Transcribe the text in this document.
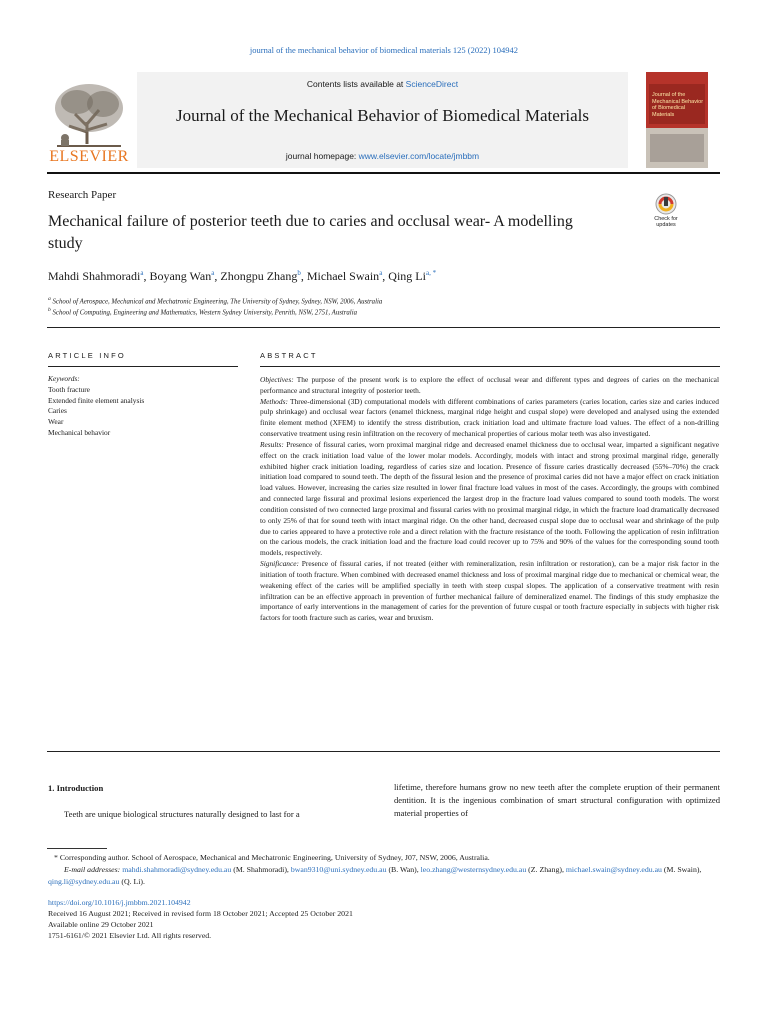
journal of the mechanical behavior of biomedical materials 125 (2022) 104942
ELSEVIER
Contents lists available at ScienceDirect
Journal of the Mechanical Behavior of Biomedical Materials
journal homepage: www.elsevier.com/locate/jmbbm
Journal of the Mechanical Behavior of Biomedical Materials
Research Paper
Mechanical failure of posterior teeth due to caries and occlusal wear- A modelling study
Check for updates
Mahdi Shahmoradi$^a$, Boyang Wan$^a$, Zhongpu Zhang$^b$, Michael Swain$^a$, Qing $Li^{a, *}$
$^a$ School of Aerospace, Mechanical and Mechatronic Engineering, The University of Sydney, Sydney, NSW, 2006, Australia
$^b$ School of Computing, Engineering and Mathematics, Western Sydney University, Penrith, NSW, 2751, Australia
ARTICLE INFO	ABSTRACT
Keywords:
Tooth fracture
Extended finite element analysis
Caries
Wear
Mechanical behavior

Objectives: The purpose of the present work is to explore the effect of occlusal wear and different types and degrees of caries on the mechanical performance and structural integrity of posterior teeth.

Methods: Three-dimensional (3D) computational models with different combinations of caries parameters (caries location, caries size and caries induced pulp shrinkage) and occlusal wear factors (enamel thickness, marginal ridge height and cuspal slope) were developed and analysed using the extended finite element method (XFEM) to identify the stress distribution, crack initiation load and ultimate fracture load values. The effect of a non-drilling conservative treatment using resin infiltration on the recovery of mechanical properties of carious molar teeth was also investigated.

Results: Presence of fissural caries, worn proximal marginal ridge and decreased enamel thickness due to occlusal wear, imparted a significant negative effect on the crack initiation load value of the lower molar models. Accordingly, models with intact and strong proximal marginal ridge, generally exhibited higher crack initiation loading, regardless of caries size and location. Presence of fissure caries drastically decreased (55%–70%) the crack initiation load compared to sound teeth. The depth of the fissural lesion and the presence of proximal caries did not have a major effect on crack initiation load values. However, increasing the caries size resulted in lower final fracture load values in most of the cases. Accordingly, the groups with combined and connected large fissural and proximal lesions experienced the largest drop in the fracture load values compared to sound tooth models. The worst condition consisted of two connected large proximal and fissural caries with no proximal marginal ridge, in which the fracture load dramatically decreased to only 25% of that for sound teeth with intact marginal ridge. On the other hand, decreased cuspal slope due to occlusal wear and shrinkage of the pulp due to caries appeared to have a protective role and a direct relation with the fracture resistance of the tooth. Following the application of resin infiltration on the carious models, the crack initiation load and the fracture load could recover up to 75% and 90% of the values for the corresponding sound tooth models, respectively.

Significance: Presence of fissural caries, if not treated (either with remineralization, resin infiltration or restoration), can be a major risk factor in the initiation of tooth fracture. When combined with decreased enamel thickness and loss of proximal marginal ridge due to mechanical or chemical wear, the weakening effect of the caries will be amplified specially in teeth with steep cuspal slopes. The application of a conservative treatment with resin infiltration can be an effective approach in prevention of further mechanical failure of demineralized enamel. The findings of this study emphasize the importance of early interventions in the management of caries for the prevention of future cuspal or tooth fracture especially in subjects with higher risk factors for tooth fracture such as caries, wear and bruxism.

1. Introduction
Teeth are unique biological structures naturally designed to last for a
lifetime, therefore humans grow no new teeth after the complete eruption of their permanent dentition. It is the ingenious combination of smart structural configuration with optimized material properties of
* Corresponding author. School of Aerospace, Mechanical and Mechatronic Engineering, University of Sydney, J07, NSW, 2006, Australia.
E-mail addresses: mahdi.shahmoradi@sydney.edu.au (M. Shahmoradi), bwan9310@uni.sydney.edu.au (B. Wan), leo.zhang@westernsydney.edu.au (Z. Zhang), michael.swain@sydney.edu.au (M. Swain), qing.li@sydney.edu.au (Q. Li).
https://doi.org/10.1016/j.jmbbm.2021.104942
Received 16 August 2021; Received in revised form 18 October 2021; Accepted 25 October 2021
Available online 29 October 2021
1751-6161/© 2021 Elsevier Ltd. All rights reserved.
